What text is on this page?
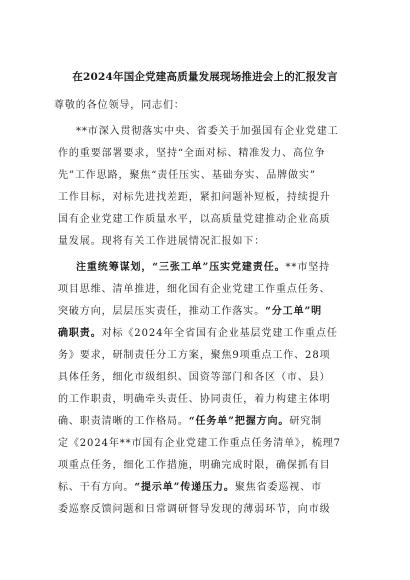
在2024年国企党建高质量发展现场推进会上的汇报发言
尊敬的各位领导，同志们：
**市深入贯彻落实中央、省委关于加强国有企业党建工
作的重要部署要求，坚持“全面对标、精准发力、高位争
先”工作思路，聚焦“责任压实、基础夯实、品牌做实”
工作目标，对标先进找差距，紧扣问题补短板，持续提升
国有企业党建工作质量水平，以高质量党建推动企业高质
量发展。现将有关工作进展情况汇报如下：
注重统筹谋划，“三张工单”压实党建责任。**市坚持
项目思维、清单推进，细化国有企业党建工作重点任务、
突破方向，层层压实责任，推动工作落实。“分工单”明
确职责。对标《2024年全省国有企业基层党建工作重点任
务》要求，研制责任分工方案，聚焦9项重点工作、28项
具体任务，细化市级组织、国资等部门和各区（市、县）
的工作职责，明确牵头责任、协同责任，着力构建主体明
确、职责清晰的工作格局。“任务单”把握方向。研究制
定《2024年**市国有企业党建工作重点任务清单》，梳理7
项重点任务，细化工作措施，明确完成时限，确保抓有目
标、干有方向。“提示单”传递压力。聚焦省委巡视、市
委巡察反馈问题和日常调研督导发现的薄弱环节，向市级
